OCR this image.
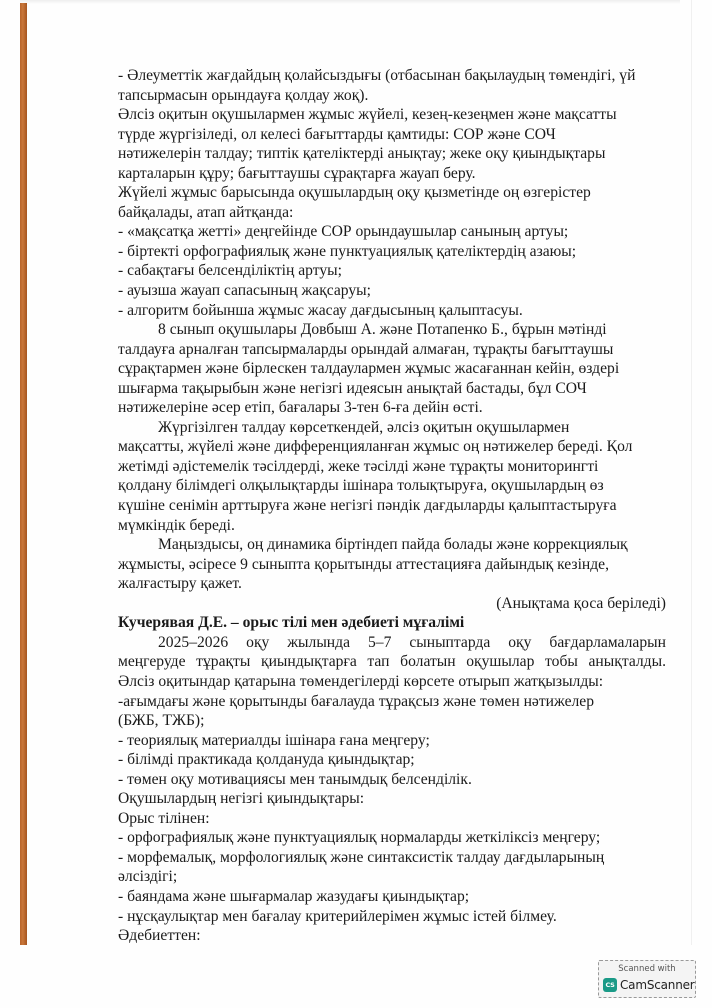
- Әлеуметтік жағдайдың қолайсыздығы (отбасынан бақылаудың төмендігі, үй
тапсырмасын орындауға қолдау жоқ).
Әлсіз оқитын оқушылармен жұмыс жүйелі, кезең-кезеңмен және мақсатты
түрде жүргізіледі, ол келесі бағыттарды қамтиды: СОР және СОЧ
нәтижелерін талдау; типтік қателіктерді анықтау; жеке оқу қиындықтары
карталарын құру; бағыттаушы сұрақтарға жауап беру.
Жүйелі жұмыс барысында оқушылардың оқу қызметінде оң өзгерістер
байқалады, атап айтқанда:
- «мақсатқа жетті» деңгейінде СОР орындаушылар санының артуы;
- біртекті орфографиялық және пунктуациялық қателіктердің азаюы;
- сабақтағы белсенділіктің артуы;
- ауызша жауап сапасының жақсаруы;
- алгоритм бойынша жұмыс жасау дағдысының қалыптасуы.
8 сынып оқушылары Довбыш А. және Потапенко Б., бұрын мәтінді
талдауға арналған тапсырмаларды орындай алмаған, тұрақты бағыттаушы
сұрақтармен және бірлескен талдаулармен жұмыс жасағаннан кейін, өздері
шығарма тақырыбын және негізгі идеясын анықтай бастады, бұл СОЧ
нәтижелеріне әсер етіп, бағалары 3-тен 6-ға дейін өсті.
Жүргізілген талдау көрсеткендей, әлсіз оқитын оқушылармен
мақсатты, жүйелі және дифференцияланған жұмыс оң нәтижелер береді. Қол
жетімді әдістемелік тәсілдерді, жеке тәсілді және тұрақты мониторингті
қолдану білімдегі олқылықтарды ішінара толықтыруға, оқушылардың өз
күшіне сенімін арттыруға және негізгі пәндік дағдыларды қалыптастыруға
мүмкіндік береді.
Маңыздысы, оң динамика біртіндеп пайда болады және коррекциялық
жұмысты, әсіресе 9 сыныпта қорытынды аттестацияға дайындық кезінде,
жалғастыру қажет.
(Анықтама қоса беріледі)
Кучерявая Д.Е. – орыс тілі мен әдебиеті мұғалімі
2025–2026 оқу жылында 5–7 сыныптарда оқу бағдарламаларын
меңгеруде тұрақты қиындықтарға тап болатын оқушылар тобы анықталды.
Әлсіз оқитындар қатарына төмендегілерді көрсете отырып жатқызылды:
-ағымдағы және қорытынды бағалауда тұрақсыз және төмен нәтижелер
(БЖБ, ТЖБ);
- теориялық материалды ішінара ғана меңгеру;
- білімді практикада қолдануда қиындықтар;
- төмен оқу мотивациясы мен танымдық белсенділік.
Оқушылардың негізгі қиындықтары:
Орыс тілінен:
- орфографиялық және пунктуациялық нормаларды жеткіліксіз меңгеру;
- морфемалық, морфологиялық және синтаксистік талдау дағдыларының
әлсіздігі;
- баяндама және шығармалар жазудағы қиындықтар;
- нұсқаулықтар мен бағалау критерийлерімен жұмыс істей білмеу.
Әдебиеттен:
Scanned with
CS CamScanner
